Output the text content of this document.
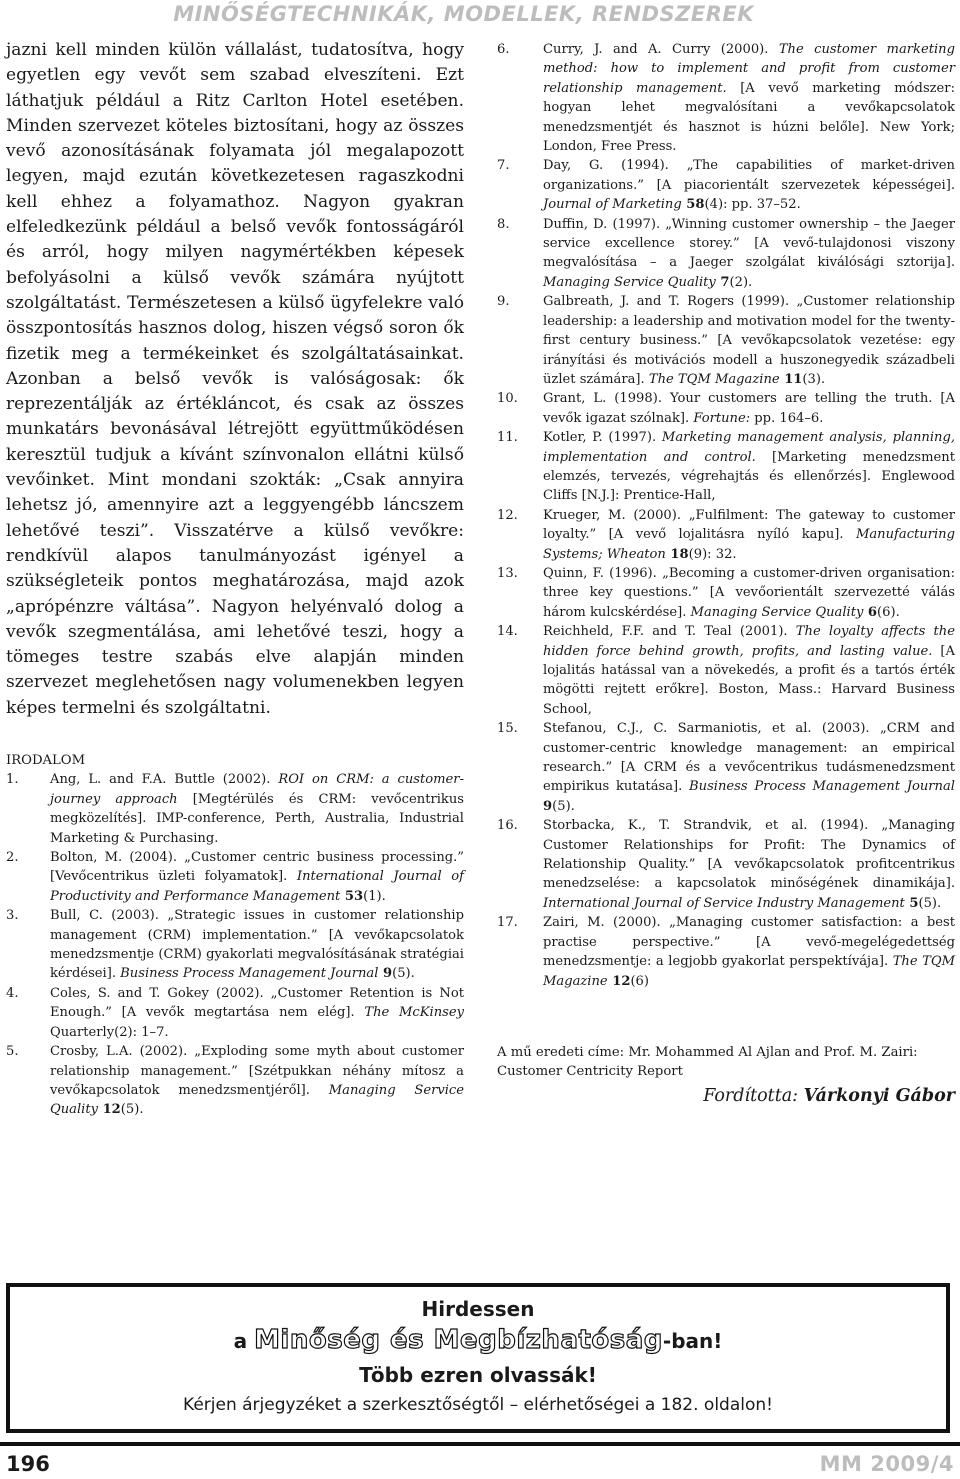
MINŐSÉGTECHNIKÁK, MODELLEK, RENDSZEREK
jazni kell minden külön vállalást, tudatosítva, hogy egyetlen egy vevőt sem szabad elveszíteni. Ezt láthatjuk például a Ritz Carlton Hotel esetében. Minden szervezet köteles biztosítani, hogy az összes vevő azonosításának folyamata jól megalapozott legyen, majd ezután következetesen ragaszkodni kell ehhez a folyamathoz. Nagyon gyakran elfeledkezünk például a belső vevők fontosságáról és arról, hogy milyen nagymértékben képesek befolyásolni a külső vevők számára nyújtott szolgáltatást. Természetesen a külső ügyfelekre való összpontosítás hasznos dolog, hiszen végső soron ők fizetik meg a termékeinket és szolgáltatásainkat. Azonban a belső vevők is valóságosak: ők reprezentálják az értékláncot, és csak az összes munkatárs bevonásával létrejött együttműködésen keresztül tudjuk a kívánt színvonalon ellátni külső vevőinket. Mint mondani szokták: „Csak annyira lehetsz jó, amennyire azt a leggyengébb láncszem lehetővé teszi”. Visszatérve a külső vevőkre: rendkívül alapos tanulmányozást igényel a szükségleteik pontos meghatározása, majd azok „aprópénzre váltása”. Nagyon helyénvaló dolog a vevők szegmentálása, ami lehetővé teszi, hogy a tömeges testre szabás elve alapján minden szervezet meglehetősen nagy volumenekben legyen képes termelni és szolgáltatni.
IRODALOM
1.	Ang, L. and F.A. Buttle (2002). ROI on CRM: a customer-journey approach [Megtérülés és CRM: vevőcentrikus megközelítés]. IMP-conference, Perth, Australia, Industrial Marketing & Purchasing.
2.	Bolton, M. (2004). „Customer centric business processing.” [Vevőcentrikus üzleti folyamatok]. International Journal of Productivity and Performance Management 53(1).
3.	Bull, C. (2003). „Strategic issues in customer relationship management (CRM) implementation.” [A vevőkapcsolatok menedzsmentje (CRM) gyakorlati megvalósításának stratégiai kérdései]. Business Process Management Journal 9(5).
4.	Coles, S. and T. Gokey (2002). „Customer Retention is Not Enough.” [A vevők megtartása nem elég]. The McKinsey Quarterly(2): 1–7.
5.	Crosby, L.A. (2002). „Exploding some myth about customer relationship management.” [Szétpukkan néhány mítosz a vevőkapcsolatok menedzsmentjéről]. Managing Service Quality 12(5).
6.	Curry, J. and A. Curry (2000). The customer marketing method: how to implement and profit from customer relationship management. [A vevő marketing módszer: hogyan lehet megvalósítani a vevőkapcsolatok menedzsmentjét és hasznot is húzni belőle]. New York; London, Free Press.
7.	Day, G. (1994). „The capabilities of market-driven organizations.” [A piacorientált szervezetek képességei]. Journal of Marketing 58(4): pp. 37–52.
8.	Duffin, D. (1997). „Winning customer ownership – the Jaeger service excellence storey.” [A vevő-tulajdonosi viszony megvalósítása – a Jaeger szolgálat kiválósági sztorija]. Managing Service Quality 7(2).
9.	Galbreath, J. and T. Rogers (1999). „Customer relationship leadership: a leadership and motivation model for the twenty-first century business.” [A vevőkapcsolatok vezetése: egy irányítási és motivációs modell a huszonegyedik századbeli üzlet számára]. The TQM Magazine 11(3).
10.	Grant, L. (1998). Your customers are telling the truth. [A vevők igazat szólnak]. Fortune: pp. 164–6.
11.	Kotler, P. (1997). Marketing management analysis, planning, implementation and control. [Marketing menedzsment elemzés, tervezés, végrehajtás és ellenőrzés]. Englewood Cliffs [N.J.]: Prentice-Hall,
12.	Krueger, M. (2000). „Fulfilment: The gateway to customer loyalty.” [A vevő lojalitásra nyíló kapu]. Manufacturing Systems; Wheaton 18(9): 32.
13.	Quinn, F. (1996). „Becoming a customer-driven organisation: three key questions.” [A vevőorientált szervezetté válás három kulcskérdése]. Managing Service Quality 6(6).
14.	Reichheld, F.F. and T. Teal (2001). The loyalty affects the hidden force behind growth, profits, and lasting value. [A lojalitás hatással van a növekedés, a profit és a tartós érték mögötti rejtett erőkre]. Boston, Mass.: Harvard Business School,
15.	Stefanou, C.J., C. Sarmaniotis, et al. (2003). „CRM and customer-centric knowledge management: an empirical research.” [A CRM és a vevőcentrikus tudásmenedzsment empirikus kutatása]. Business Process Management Journal 9(5).
16.	Storbacka, K., T. Strandvik, et al. (1994). „Managing Customer Relationships for Profit: The Dynamics of Relationship Quality.” [A vevőkapcsolatok profitcentrikus menedzselése: a kapcsolatok minőségének dinamikája]. International Journal of Service Industry Management 5(5).
17.	Zairi, M. (2000). „Managing customer satisfaction: a best practise perspective.” [A vevő-megelégedettség menedzsmentje: a legjobb gyakorlat perspektívája]. The TQM Magazine 12(6)
A mű eredeti címe: Mr. Mohammed Al Ajlan and Prof. M. Zairi: Customer Centricity Report
Fordította: Várkonyi Gábor
Hirdessen
a Minőség és Megbízhatóság-ban!
Több ezren olvassák!
Kérjen árjegyzéket a szerkesztőségtől – elérhetőségei a 182. oldalon!
196	MM 2009/4
